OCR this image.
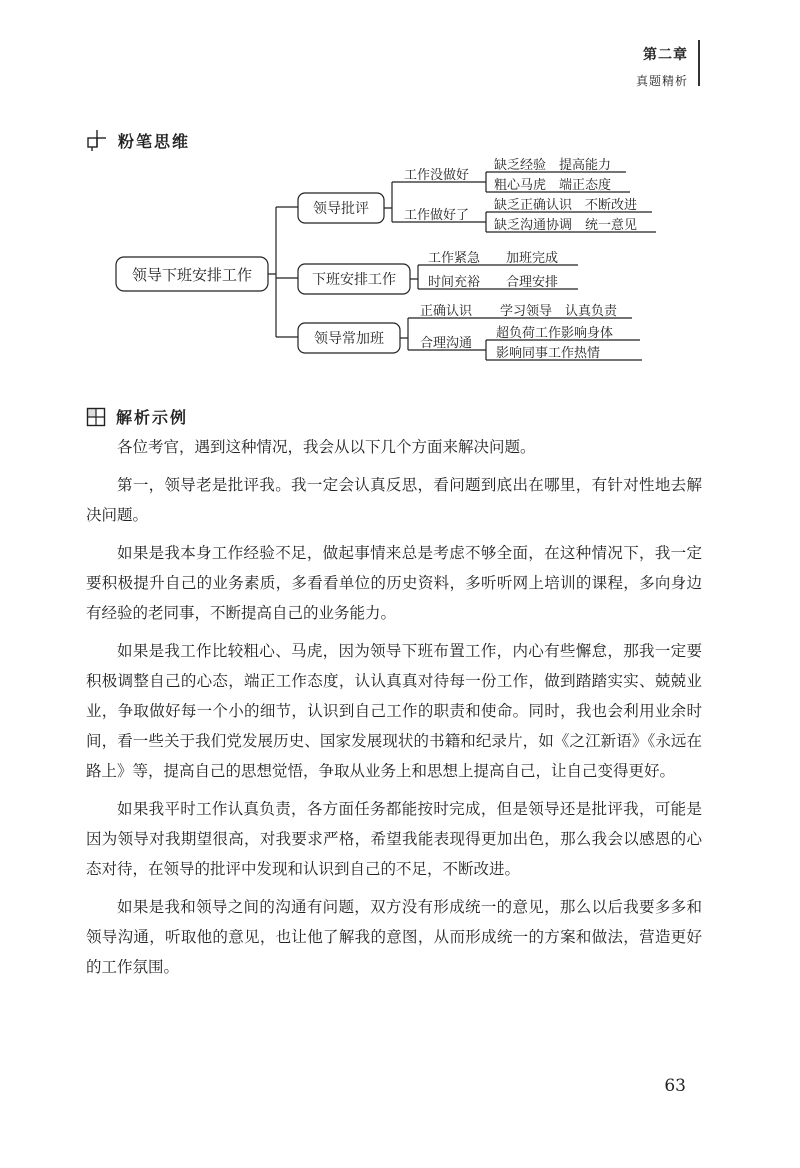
第二章
真题精析
粉笔思维
领导下班安排工作
领导批评
下班安排工作
领导常加班
工作没做好
工作做好了
缺乏经验　提高能力
粗心马虎　端正态度
缺乏正确认识　不断改进
缺乏沟通协调　统一意见
工作紧急　　加班完成
时间充裕　　合理安排
正确认识 学习领导　认真负责
合理沟通
超负荷工作影响身体
影响同事工作热情
解析示例

各位考官，遇到这种情况，我会从以下几个方面来解决问题。

第一，领导老是批评我。我一定会认真反思，看问题到底出在哪里，有针对性地去解决问题。

如果是我本身工作经验不足，做起事情来总是考虑不够全面，在这种情况下，我一定要积极提升自己的业务素质，多看看单位的历史资料，多听听网上培训的课程，多向身边有经验的老同事，不断提高自己的业务能力。

如果是我工作比较粗心、马虎，因为领导下班布置工作，内心有些懈怠，那我一定要积极调整自己的心态，端正工作态度，认认真真对待每一份工作，做到踏踏实实、兢兢业业，争取做好每一个小的细节，认识到自己工作的职责和使命。同时，我也会利用业余时间，看一些关于我们党发展历史、国家发展现状的书籍和纪录片，如《之江新语》《永远在路上》等，提高自己的思想觉悟，争取从业务上和思想上提高自己，让自己变得更好。

如果我平时工作认真负责，各方面任务都能按时完成，但是领导还是批评我，可能是因为领导对我期望很高，对我要求严格，希望我能表现得更加出色，那么我会以感恩的心态对待，在领导的批评中发现和认识到自己的不足，不断改进。

如果是我和领导之间的沟通有问题，双方没有形成统一的意见，那么以后我要多多和领导沟通，听取他的意见，也让他了解我的意图，从而形成统一的方案和做法，营造更好的工作氛围。

63
